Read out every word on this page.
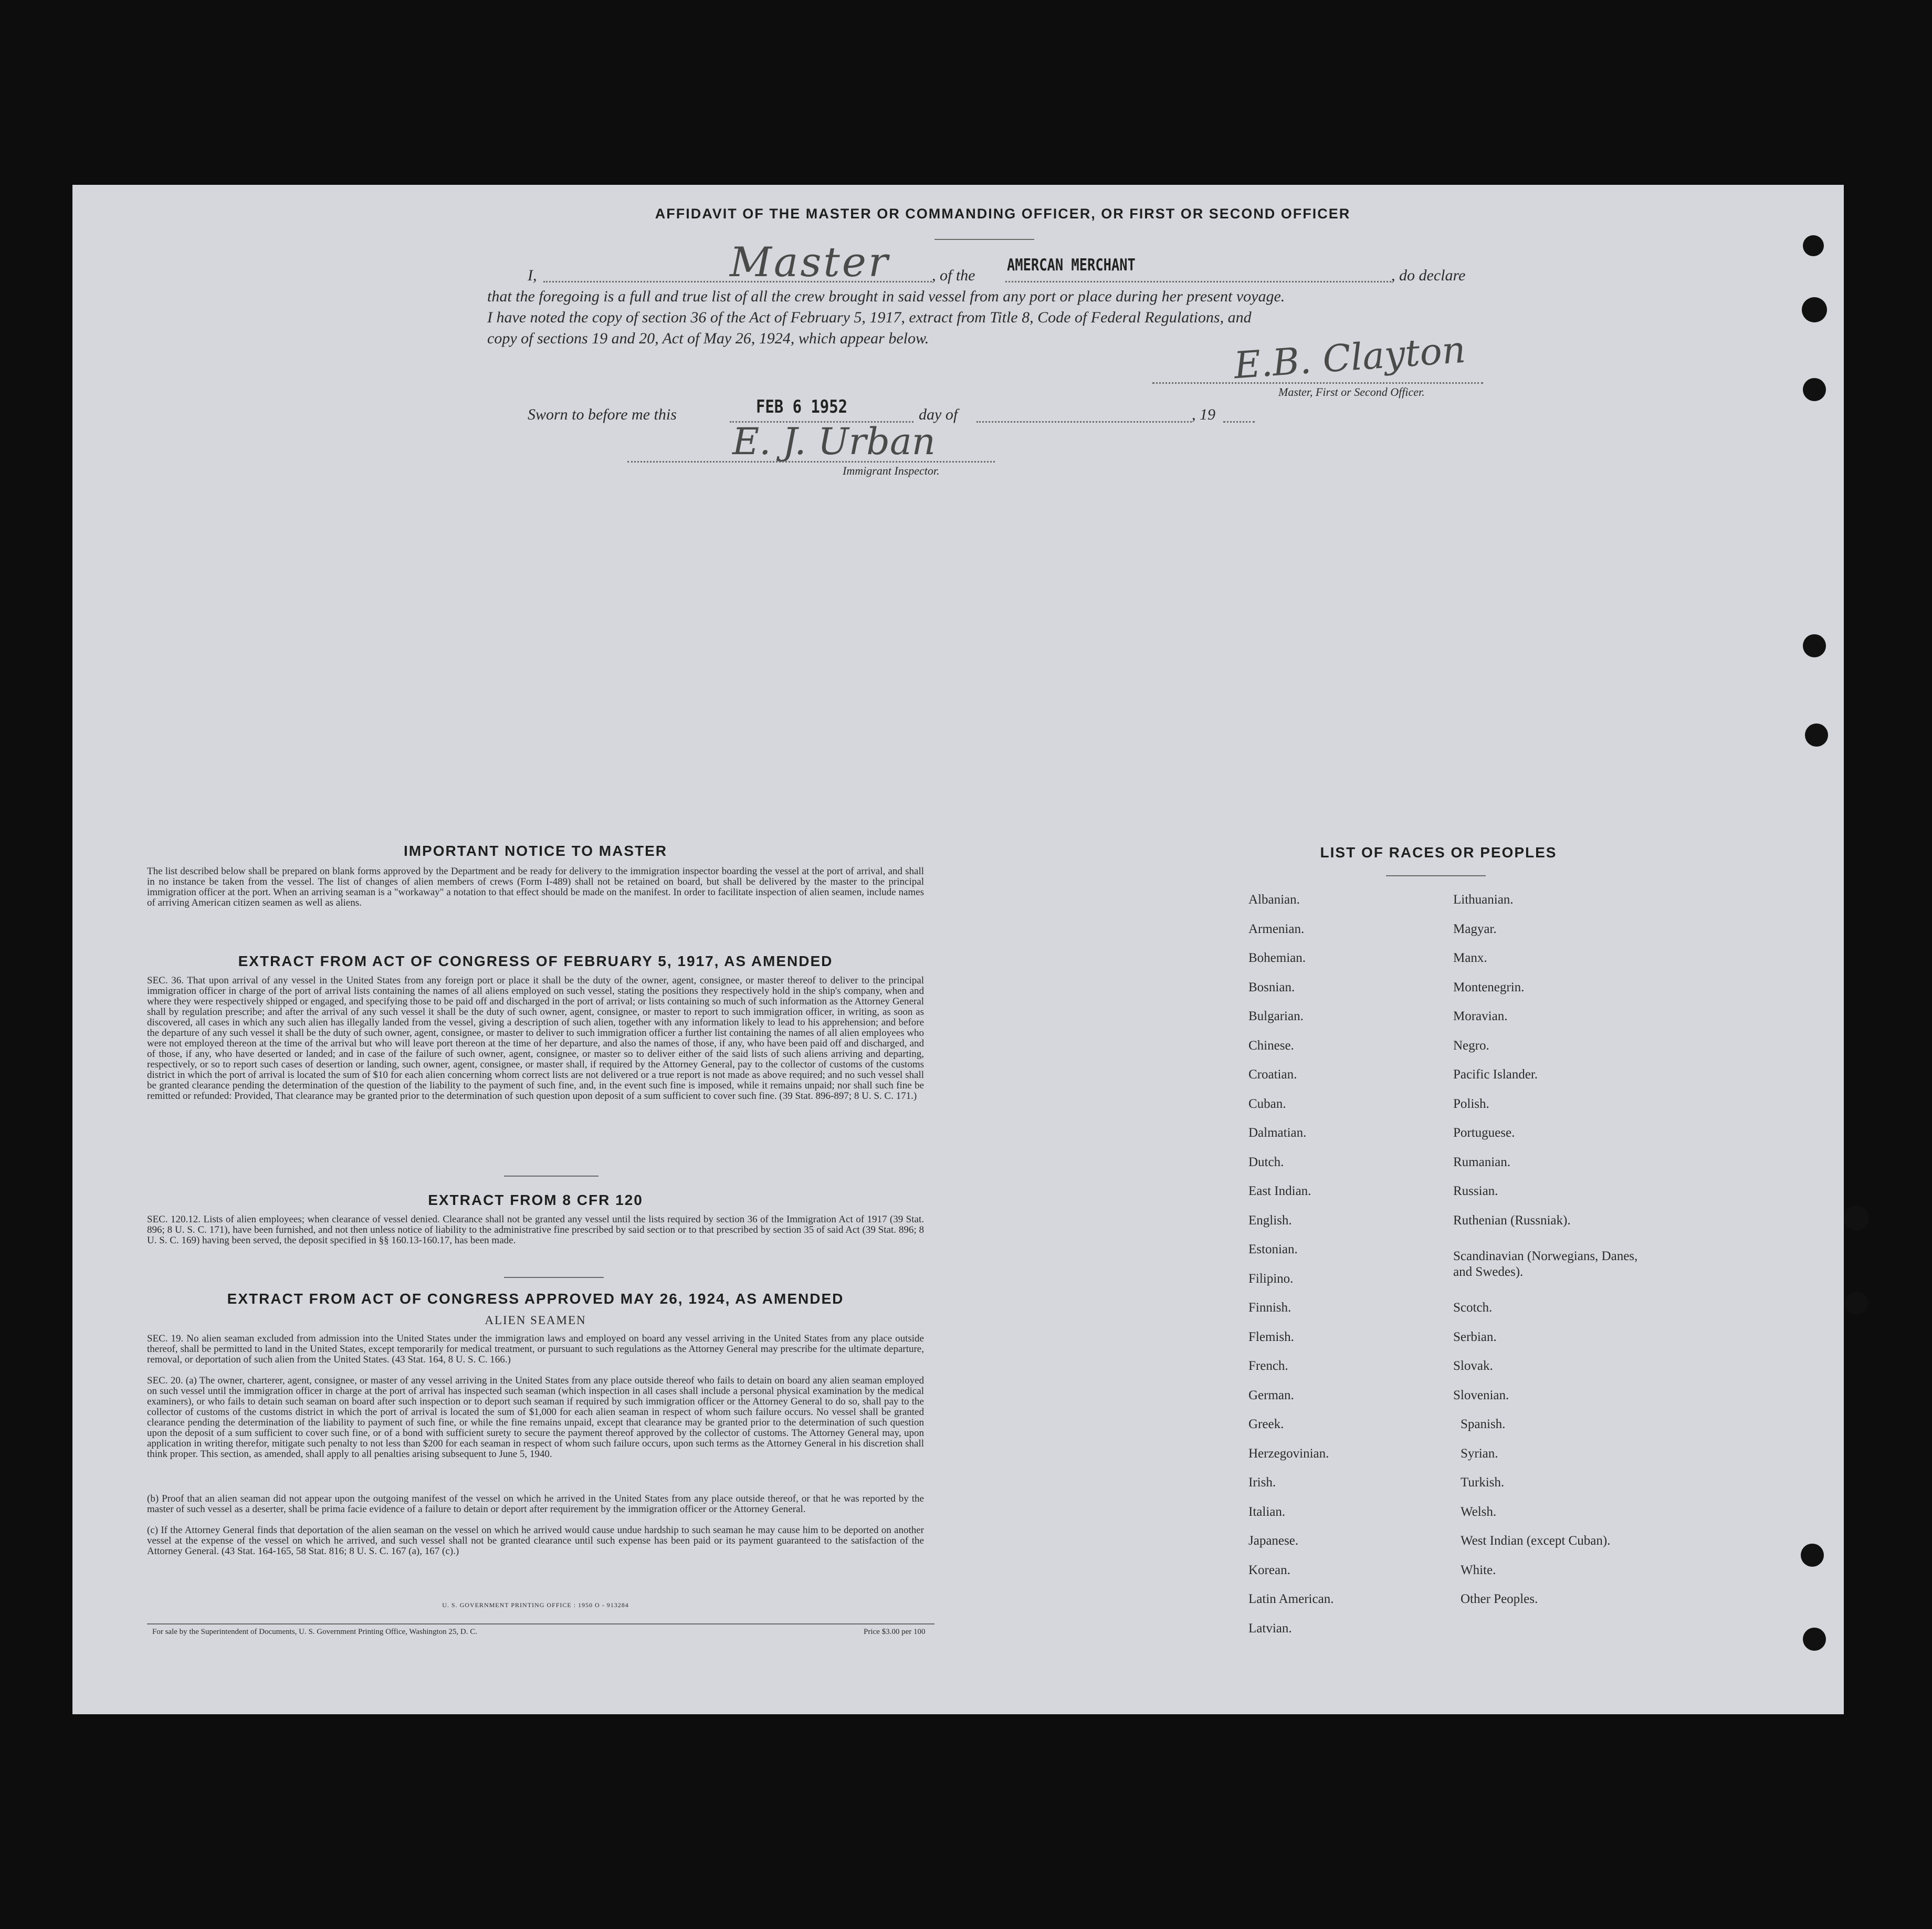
AFFIDAVIT OF THE MASTER OR COMMANDING OFFICER, OR FIRST OR SECOND OFFICER
I,	Master	, of the
AMERCAN MERCHANT
, do declare
that the foregoing is a full and true list of all the crew brought in said vessel from any port or place during her present voyage.
I have noted the copy of section 36 of the Act of February 5, 1917, extract from Title 8, Code of Federal Regulations, and
copy of sections 19 and 20, Act of May 26, 1924, which appear below.	E.B. Clayton
Master, First or Second Officer.
Sworn to before me this	FEB 6 1952	day of	, 19
E. J. Urban
Immigrant Inspector.
IMPORTANT NOTICE TO MASTER

The list described below shall be prepared on blank forms approved by the Department and be ready for delivery to the immigration inspector boarding the vessel at the port of arrival, and shall in no instance be taken from the vessel. The list of changes of alien members of crews (Form I-489) shall not be retained on board, but shall be delivered by the master to the principal immigration officer at the port. When an arriving seaman is a "workaway" a notation to that effect should be made on the manifest. In order to facilitate inspection of alien seamen, include names of arriving American citizen seamen as well as aliens.

EXTRACT FROM ACT OF CONGRESS OF FEBRUARY 5, 1917, AS AMENDED

SEC. 36. That upon arrival of any vessel in the United States from any foreign port or place it shall be the duty of the owner, agent, consignee, or master thereof to deliver to the principal immigration officer in charge of the port of arrival lists containing the names of all aliens employed on such vessel, stating the positions they respectively hold in the ship's company, when and where they were respectively shipped or engaged, and specifying those to be paid off and discharged in the port of arrival; or lists containing so much of such information as the Attorney General shall by regulation prescribe; and after the arrival of any such vessel it shall be the duty of such owner, agent, consignee, or master to report to such immigration officer, in writing, as soon as discovered, all cases in which any such alien has illegally landed from the vessel, giving a description of such alien, together with any information likely to lead to his apprehension; and before the departure of any such vessel it shall be the duty of such owner, agent, consignee, or master to deliver to such immigration officer a further list containing the names of all alien employees who were not employed thereon at the time of the arrival but who will leave port thereon at the time of her departure, and also the names of those, if any, who have been paid off and discharged, and of those, if any, who have deserted or landed; and in case of the failure of such owner, agent, consignee, or master so to deliver either of the said lists of such aliens arriving and departing, respectively, or so to report such cases of desertion or landing, such owner, agent, consignee, or master shall, if required by the Attorney General, pay to the collector of customs of the customs district in which the port of arrival is located the sum of $10 for each alien concerning whom correct lists are not delivered or a true report is not made as above required; and no such vessel shall be granted clearance pending the determination of the question of the liability to the payment of such fine, and, in the event such fine is imposed, while it remains unpaid; nor shall such fine be remitted or refunded: Provided, That clearance may be granted prior to the determination of such question upon deposit of a sum sufficient to cover such fine. (39 Stat. 896-897; 8 U. S. C. 171.)

EXTRACT FROM 8 CFR 120

SEC. 120.12. Lists of alien employees; when clearance of vessel denied. Clearance shall not be granted any vessel until the lists required by section 36 of the Immigration Act of 1917 (39 Stat. 896; 8 U. S. C. 171), have been furnished, and not then unless notice of liability to the administrative fine prescribed by said section or to that prescribed by section 35 of said Act (39 Stat. 896; 8 U. S. C. 169) having been served, the deposit specified in §§ 160.13-160.17, has been made.

EXTRACT FROM ACT OF CONGRESS APPROVED MAY 26, 1924, AS AMENDED
ALIEN SEAMEN

SEC. 19. No alien seaman excluded from admission into the United States under the immigration laws and employed on board any vessel arriving in the United States from any place outside thereof, shall be permitted to land in the United States, except temporarily for medical treatment, or pursuant to such regulations as the Attorney General may prescribe for the ultimate departure, removal, or deportation of such alien from the United States. (43 Stat. 164, 8 U. S. C. 166.)

SEC. 20. (a) The owner, charterer, agent, consignee, or master of any vessel arriving in the United States from any place outside thereof who fails to detain on board any alien seaman employed on such vessel until the immigration officer in charge at the port of arrival has inspected such seaman (which inspection in all cases shall include a personal physical examination by the medical examiners), or who fails to detain such seaman on board after such inspection or to deport such seaman if required by such immigration officer or the Attorney General to do so, shall pay to the collector of customs of the customs district in which the port of arrival is located the sum of $1,000 for each alien seaman in respect of whom such failure occurs. No vessel shall be granted clearance pending the determination of the liability to payment of such fine, or while the fine remains unpaid, except that clearance may be granted prior to the determination of such question upon the deposit of a sum sufficient to cover such fine, or of a bond with sufficient surety to secure the payment thereof approved by the collector of customs. The Attorney General may, upon application in writing therefor, mitigate such penalty to not less than $200 for each seaman in respect of whom such failure occurs, upon such terms as the Attorney General in his discretion shall think proper. This section, as amended, shall apply to all penalties arising subsequent to June 5, 1940.

(b) Proof that an alien seaman did not appear upon the outgoing manifest of the vessel on which he arrived in the United States from any place outside thereof, or that he was reported by the master of such vessel as a deserter, shall be prima facie evidence of a failure to detain or deport after requirement by the immigration officer or the Attorney General.

(c) If the Attorney General finds that deportation of the alien seaman on the vessel on which he arrived would cause undue hardship to such seaman he may cause him to be deported on another vessel at the expense of the vessel on which he arrived, and such vessel shall not be granted clearance until such expense has been paid or its payment guaranteed to the satisfaction of the Attorney General. (43 Stat. 164-165, 58 Stat. 816; 8 U. S. C. 167 (a), 167 (c).)

U. S. GOVERNMENT PRINTING OFFICE : 1950 O - 913284
For sale by the Superintendent of Documents, U. S. Government Printing Office, Washington 25, D. C.	Price $3.00 per 100
LIST OF RACES OR PEOPLES
Albanian.
Armenian.
Bohemian.
Bosnian.
Bulgarian.
Chinese.
Croatian.
Cuban.
Dalmatian.
Dutch.
East Indian.
English.
Estonian.
Filipino.
Finnish.
Flemish.
French.
German.
Greek.
Herzegovinian.
Irish.
Italian.
Japanese.
Korean.
Latin American.
Latvian.
Lithuanian.
Magyar.
Manx.
Montenegrin.
Moravian.
Negro.
Pacific Islander.
Polish.
Portuguese.
Rumanian.
Russian.
Ruthenian (Russniak).
Scandinavian (Norwegians, Danes, and Swedes).
Scotch.
Serbian.
Slovak.
Slovenian.
Spanish.
Syrian.
Turkish.
Welsh.
West Indian (except Cuban).
White.
Other Peoples.
